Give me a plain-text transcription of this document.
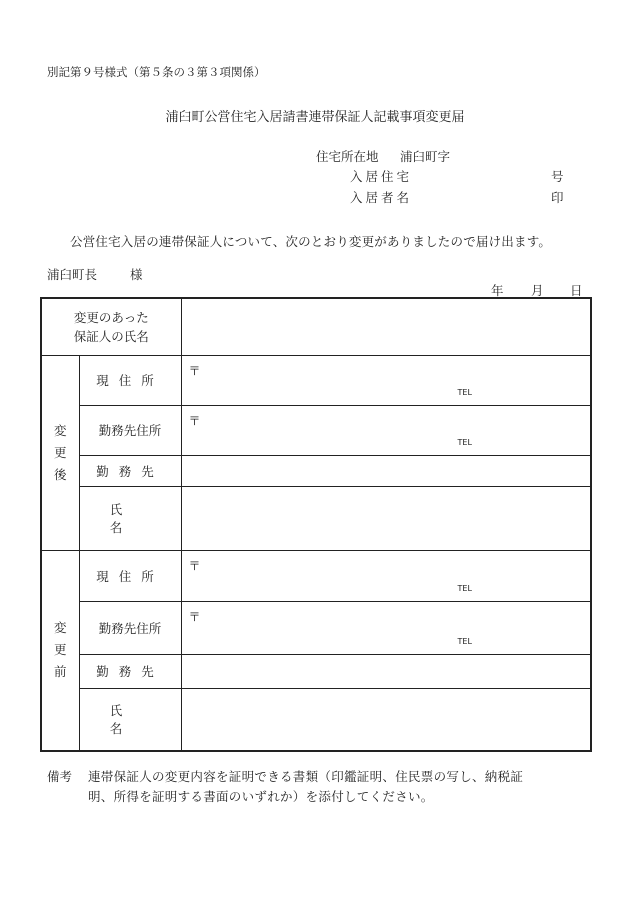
別記第９号様式（第５条の３第３項関係）
浦臼町公営住宅入居請書連帯保証人記載事項変更届
住宅所在地 浦臼町字
入居住宅	号
入居者名	印
公営住宅入居の連帯保証人について、次のとおり変更がありましたので届け出ます。
浦臼町長	様
年 月 日
変更のあった
保証人の氏名		

変
更
後	現住所	〒
TEL

	勤務先住所	〒
TEL

	勤務先	
	氏名	

変
更
前	現住所	〒
TEL

	勤務先住所	〒
TEL

	勤務先	
	氏名	
備考 連帯保証人の変更内容を証明できる書類（印鑑証明、住民票の写し、納税証
明、所得を証明する書面のいずれか）を添付してください。
